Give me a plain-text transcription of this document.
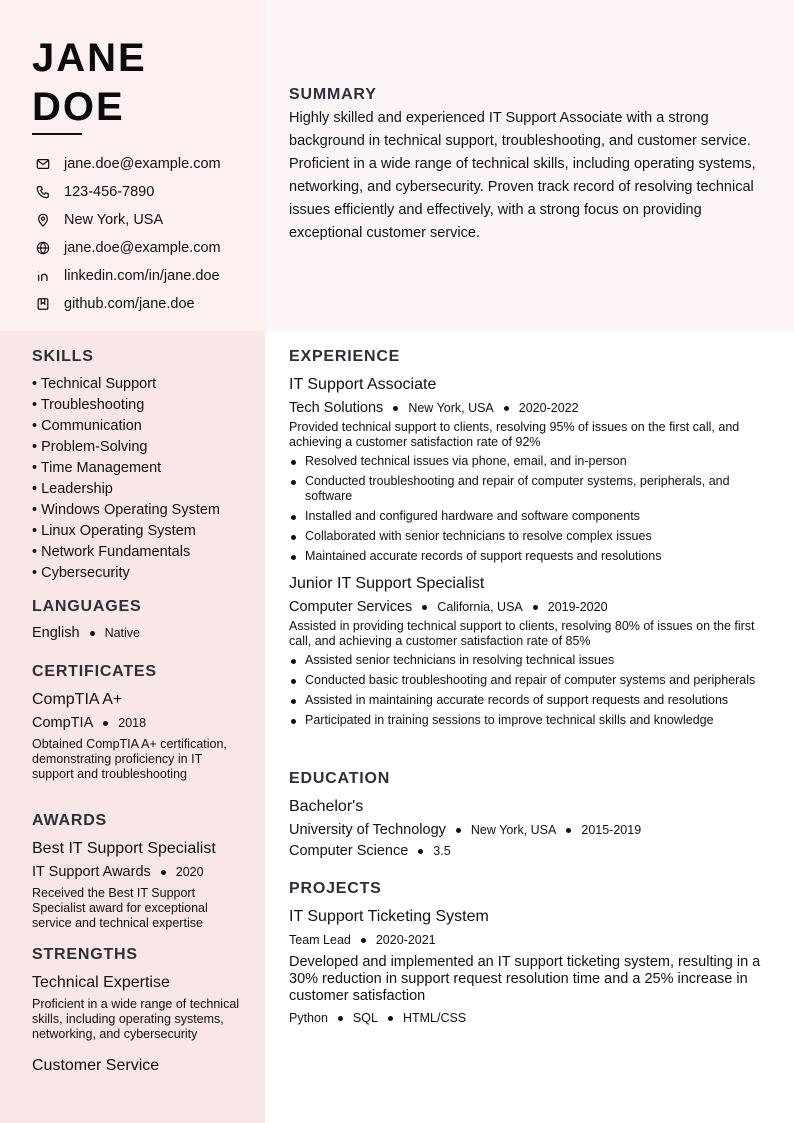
JANE
DOE
jane.doe@example.com
123-456-7890
New York, USA
jane.doe@example.com
linkedin.com/in/jane.doe
github.com/jane.doe
SUMMARY
Highly skilled and experienced IT Support Associate with a strong background in technical support, troubleshooting, and customer service. Proficient in a wide range of technical skills, including operating systems, networking, and cybersecurity. Proven track record of resolving technical issues efficiently and effectively, with a strong focus on providing exceptional customer service.
SKILLS
• Technical Support
• Troubleshooting
• Communication
• Problem-Solving
• Time Management
• Leadership
• Windows Operating System
• Linux Operating System
• Network Fundamentals
• Cybersecurity
LANGUAGES
English Native
CERTIFICATES
CompTIA A+
CompTIA 2018
Obtained CompTIA A+ certification, demonstrating proficiency in IT support and troubleshooting
AWARDS
Best IT Support Specialist
IT Support Awards 2020
Received the Best IT Support Specialist award for exceptional service and technical expertise
STRENGTHS
Technical Expertise
Proficient in a wide range of technical skills, including operating systems, networking, and cybersecurity
Customer Service
EXPERIENCE
IT Support Associate
Tech Solutions New York, USA 2020-2022
Provided technical support to clients, resolving 95% of issues on the first call, and achieving a customer satisfaction rate of 92%
Resolved technical issues via phone, email, and in-person
Conducted troubleshooting and repair of computer systems, peripherals, and software
Installed and configured hardware and software components
Collaborated with senior technicians to resolve complex issues
Maintained accurate records of support requests and resolutions
Junior IT Support Specialist
Computer Services California, USA 2019-2020
Assisted in providing technical support to clients, resolving 80% of issues on the first call, and achieving a customer satisfaction rate of 85%
Assisted senior technicians in resolving technical issues
Conducted basic troubleshooting and repair of computer systems and peripherals
Assisted in maintaining accurate records of support requests and resolutions
Participated in training sessions to improve technical skills and knowledge
EDUCATION
Bachelor's
University of Technology New York, USA 2015-2019
Computer Science 3.5
PROJECTS
IT Support Ticketing System
Team Lead 2020-2021
Developed and implemented an IT support ticketing system, resulting in a 30% reduction in support request resolution time and a 25% increase in customer satisfaction
Python SQL HTML/CSS
